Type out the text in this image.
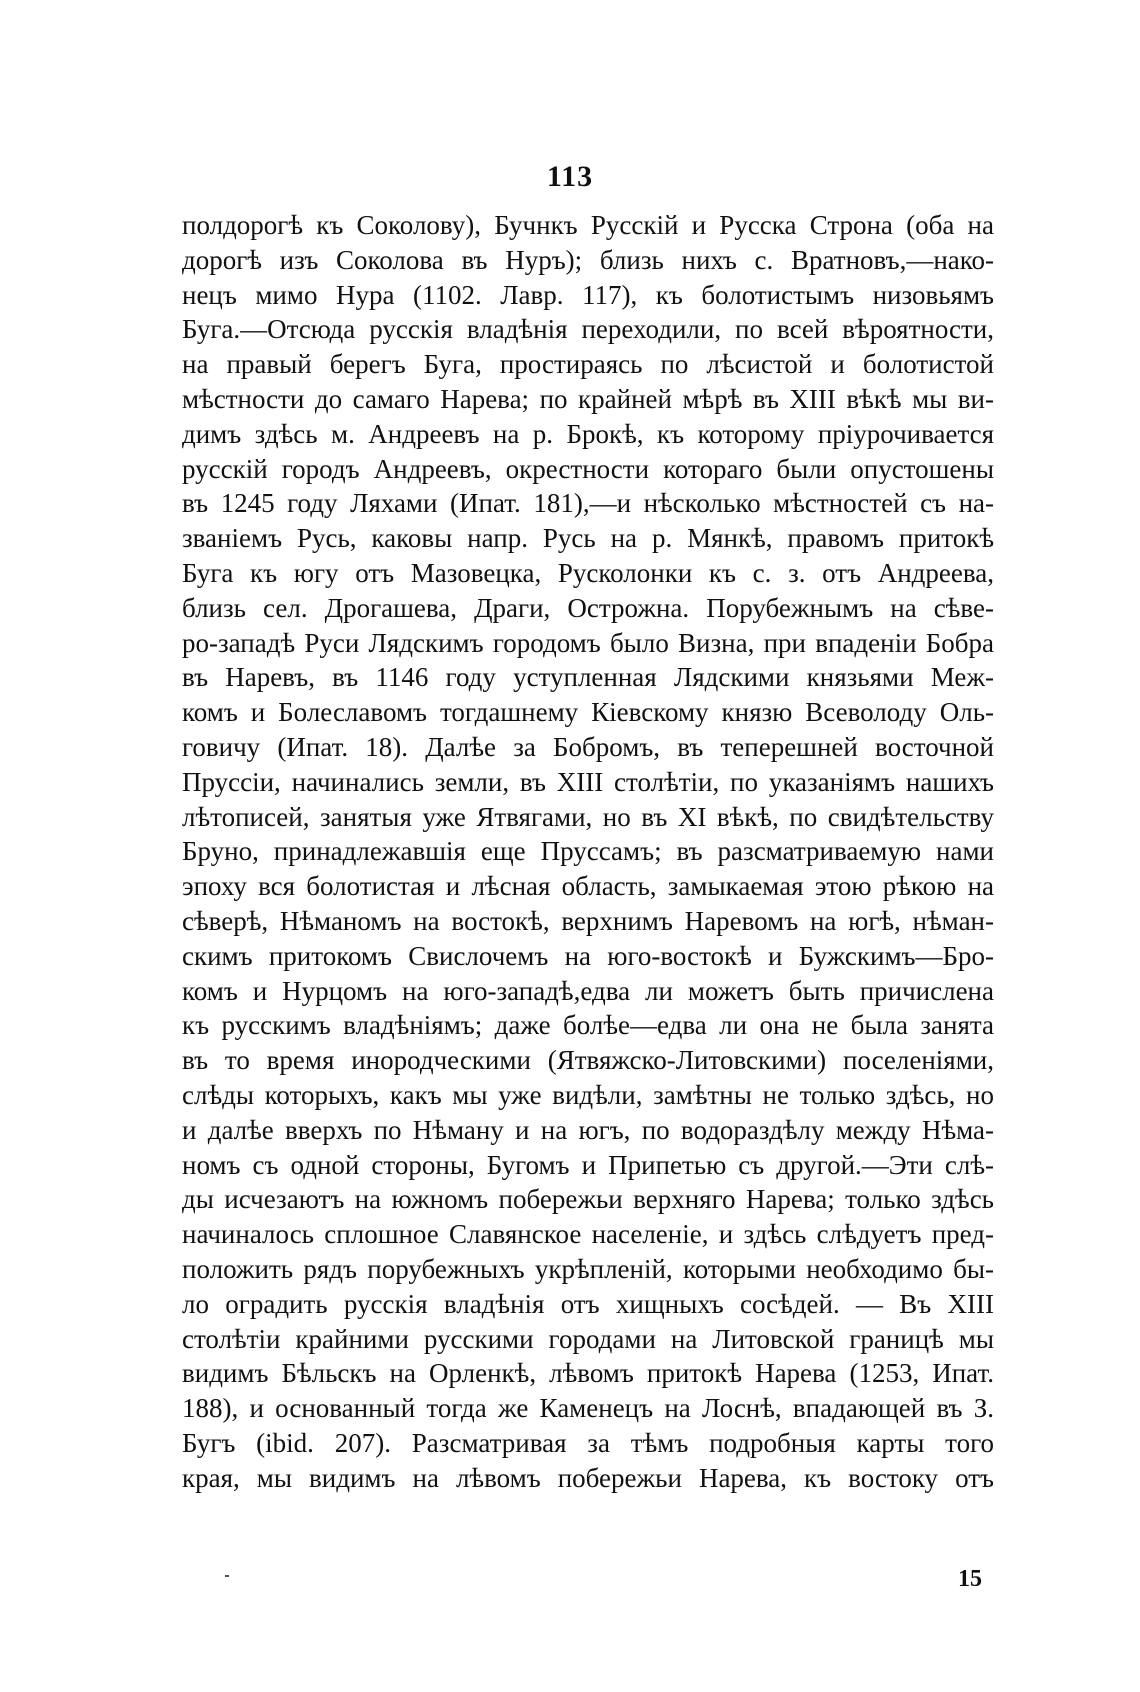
113
полдорогѣ къ Соколову), Бучнкъ Русскій и Русска Строна (оба на
дорогѣ изъ Соколова въ Нуръ); близь нихъ с. Вратновъ,—нако-
нецъ мимо Нура (1102. Лавр. 117), къ болотистымъ низовьямъ
Буга.—Отсюда русскія владѣнія переходили, по всей вѣроятности,
на правый берегъ Буга, простираясь по лѣсистой и болотистой
мѣстности до самаго Нарева; по крайней мѣрѣ въ XIII вѣкѣ мы ви-
димъ здѣсь м. Андреевъ на р. Брокѣ, къ которому пріурочивается
русскій городъ Андреевъ, окрестности котораго были опустошены
въ 1245 году Ляхами (Ипат. 181),—и нѣсколько мѣстностей съ на-
званіемъ Русь, каковы напр. Русь на р. Мянкѣ, правомъ притокѣ
Буга къ югу отъ Мазовецка, Русколонки къ с. з. отъ Андреева,
близь сел. Дрогашева, Драги, Острожна. Порубежнымъ на сѣве-
ро-западѣ Руси Лядскимъ городомъ было Визна, при впаденіи Бобра
въ Наревъ, въ 1146 году уступленная Лядскими князьями Меж-
комъ и Болеславомъ тогдашнему Кіевскому князю Всеволоду Оль-
говичу (Ипат. 18). Далѣе за Бобромъ, въ теперешней восточной
Пруссіи, начинались земли, въ XIII столѣтіи, по указаніямъ нашихъ
лѣтописей, занятыя уже Ятвягами, но въ XI вѣкѣ, по свидѣтельству
Бруно, принадлежавшія еще Пруссамъ; въ разсматриваемую нами
эпоху вся болотистая и лѣсная область, замыкаемая этою рѣкою на
сѣверѣ, Нѣманомъ на востокѣ, верхнимъ Наревомъ на югѣ, нѣман-
скимъ притокомъ Свислочемъ на юго-востокѣ и Бужскимъ—Бро-
комъ и Нурцомъ на юго-западѣ,едва ли можетъ быть причислена
къ русскимъ владѣніямъ; даже болѣе—едва ли она не была занята
въ то время инородческими (Ятвяжско-Литовскими) поселеніями,
слѣды которыхъ, какъ мы уже видѣли, замѣтны не только здѣсь, но
и далѣе вверхъ по Нѣману и на югъ, по водораздѣлу между Нѣма-
номъ съ одной стороны, Бугомъ и Припетью съ другой.—Эти слѣ-
ды исчезаютъ на южномъ побережьи верхняго Нарева; только здѣсь
начиналось сплошное Славянское населеніе, и здѣсь слѣдуетъ пред-
положить рядъ порубежныхъ укрѣпленій, которыми необходимо бы-
ло оградить русскія владѣнія отъ хищныхъ сосѣдей. — Въ XIII
столѣтіи крайними русскими городами на Литовской границѣ мы
видимъ Бѣльскъ на Орленкѣ, лѣвомъ притокѣ Нарева (1253, Ипат.
188), и основанный тогда же Каменецъ на Лоснѣ, впадающей въ З.
Бугъ (ibid. 207). Разсматривая за тѣмъ подробныя карты того
края, мы видимъ на лѣвомъ побережьи Нарева, къ востоку отъ
15
